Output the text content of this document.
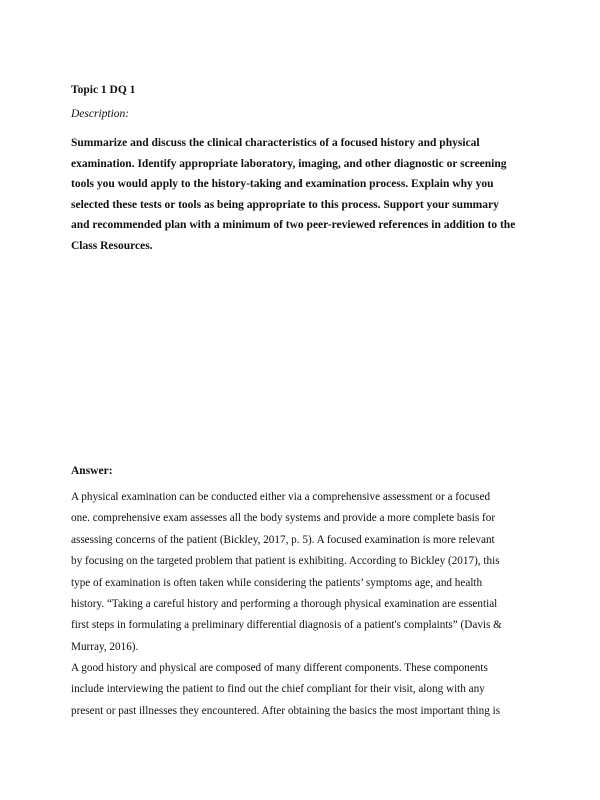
Topic 1 DQ 1

Description:

Summarize and discuss the clinical characteristics of a focused history and physical
examination. Identify appropriate laboratory, imaging, and other diagnostic or screening
tools you would apply to the history-taking and examination process. Explain why you
selected these tests or tools as being appropriate to this process. Support your summary
and recommended plan with a minimum of two peer-reviewed references in addition to the
Class Resources.

Answer:

A physical examination can be conducted either via a comprehensive assessment or a focused
one. comprehensive exam assesses all the body systems and provide a more complete basis for
assessing concerns of the patient (Bickley, 2017, p. 5). A focused examination is more relevant
by focusing on the targeted problem that patient is exhibiting. According to Bickley (2017), this
type of examination is often taken while considering the patients’ symptoms age, and health
history. “Taking a careful history and performing a thorough physical examination are essential
first steps in formulating a preliminary differential diagnosis of a patient's complaints” (Davis &
Murray, 2016).
A good history and physical are composed of many different components. These components
include interviewing the patient to find out the chief compliant for their visit, along with any
present or past illnesses they encountered. After obtaining the basics the most important thing is
